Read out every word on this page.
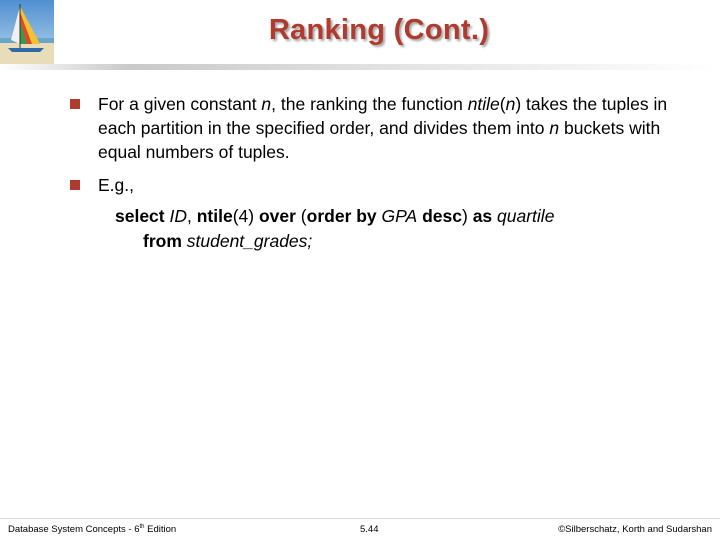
Ranking (Cont.)
For a given constant n, the ranking the function ntile(n) takes the tuples in each partition in the specified order, and divides them into n buckets with equal numbers of tuples.
E.g.,
select ID, ntile(4) over (order by GPA desc) as quartile
from student_grades;
Database System Concepts - 6th Edition	5.44	©Silberschatz, Korth and Sudarshan
